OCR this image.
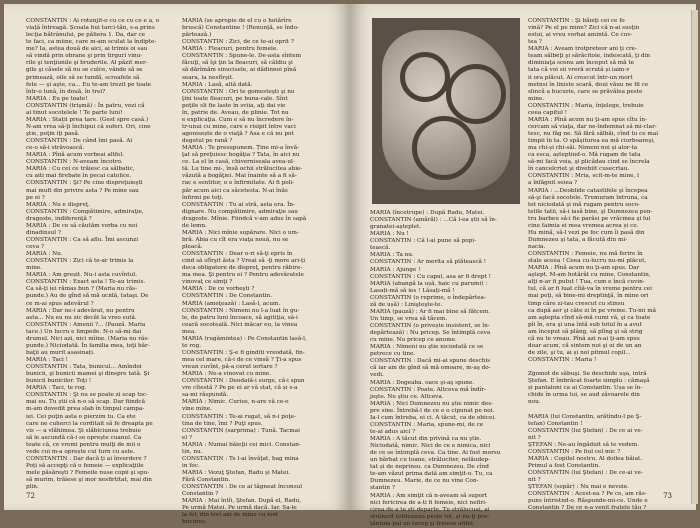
CONSTANTIN : Ai rotunjit-o cu ce cu ce e a, o
viaţă întreagă. Școala hui tarci-tăn, s-a prins
lecţia bătrânului, pe păliera 1. Da, dar ce
te faci, ca miine, care m-am sculat la îndipte-
me? Ia, astea două de aici, ai trimis oi sau
să vindă prin obrane şi prin tirguri vinu-
rile şi tenţiunile şi bruderile. Al păzit mer-
gile şi căsele să nu se culce, vânde să se
primează, oile să se tundă, scroafele să
fete — şi aşte, ca... Eu te-am trezit pe toate
într-o lună, în două, în trei?
MARIA : Eu pe toate!
CONSTANTIN (trişmă) : În patru, vezi că
ai tinut socotelele ! Te parte luni!
MARIA : Stații prea tare. (Gest spre casă.)
N-am vrea să-ţi închipui că suferi. Ori, cine
ştie, poţin iţi pasă.
CONSTANTIN : De când îmi pasă. Ai
ce-o să-i străvoască.
MARIA : Pînă acum vorbeai altfel.
CONSTANTIN : N-aveam încotro.
MARIA : Cu cei ce trăiesc ca sălbatic,
cu aiti mai firebate în pecai catolice.
CONSTANTIN : Şi? Pe cine dispreţuieşti
mai mult din privire asta ? Pe mine sau
pe ei ?
MARIA : Nu e dispreţ.
CONSTANTIN : Compătimire, admiraţie,
dragoste, indiferenţă ?
MARIA : De ce să căutăm vorba cu noi
dinadinsul ?
CONSTANTIN : Ca să aflu. Îmi ascunzi
ceva ?
MARIA : Nu.
CONSTANTIN : Zici că te-ar trimis la
mine.
MARIA : Am greșit. Nu-i asta cuvîntul.
CONSTANTIN : Exact asta ! Te-au trimis.
Ca să-ţi iei rămas bun ? (Maria nu răs-
punde.) Au de gînd să mă ucidă, tataşi. De
ce m-ai spus adevărul ?
MARIA : Dar ne-i adevărat, nu pentru
asta... Nu eu nu zic decât la vreo sută.
CONSTANTIN : Amenii ?... (Pauză. Maria
tace.) Un lucru e limpede. N-o să-mi dai
drumul. Nici azi, nici mîine. (Maria nu răs-
punde.) Niciodată. În familia mea, toţi băr-
baţii au murit asasinați.
MARIA : Taci !
CONSTANTIN : Tata, bunicul... Amîndoi
bunicii, şi bunicii mamei şi dinspre tată. Şi
bunicii bunicilor. Toţi !
MARIA : Taci, te rog.
CONSTANTIN : Şi nu se poate zi scap toc-
mai eu. Tu știi că n-o să scap. Dar fiindcă
m-am dovedit prea slab în timpul campa-
iei. Cei puţin asta o pierzim tu. Ca ete
care ne cuherci la corditait să fe dreapta pe
vis — a vlăhimea. Şi slăbiciunea trebuie
să le ascundă că-i se oprește cuanul. Ca
toate că, ce vremi pentru mulţi de mii o
vede cui m-a oprește cui turn cu aste.
CONSTANTIN : Dar dacă ţi ai înverdere ?
Poți să accepţi că o femeie — explicaţiile
mele păsăreşti ? Femeile nuse copii şi spu-
să murim, trăiese şi mor nesfirtitat, mai din
plin.
MARIA (se apropie de el cu o hotărîre
bruscă) Constantine ! (Renunţă, se îndo-
părtează.)
CONSTANTIN : Zici, de ce te-ai oprit ?
MARIA : Fleacuri, pentru femeie.
CONSTANTIN : Spune-le. De-asta sîntem
făcuţi, să îşi ţin la fleacuri, să căldiu şi
să dărîmăm sinucisele, ai dădinnoi pînă
seara, la nesfîrşit.
MARIA : Lasă, altă dată.
CONSTANTIN : Ori te gomesteşti şi nu
ţini toate fleacuri, pe buna-cale. Sînt
poţile sli fie laste în sviia, aţi dai vie
în, patrie de. Aveau, de plinie. Tot nu
e explicaţia. Cum e să nu încredere în-
tr-unui cu mine, care e risipit între vaci
agonisește de o viaţă ? Asa e că nu pot
degetul pe rană ?
MARIA : Te presupunem. Ține mi-a învă-
ţat să preţuiesc bogăţia ? Tata, în aici nu
ce. La el în casă, chiverniseala avea-ul-
tă. Lu tine mi-, însă ochii strălucitea abie-
văzută a bogăţiei. Mai înainte să a fi să-
rac e sentitor, o e înfirmitate. Ai fi poli-
păr acum aici ca sâcetesta. N-ai înăs
înfirmi pe toţi.
CONSTANTIN : Tu ai stră, asta era. În-
dignare. Nu compătimire, admiraţie sau
dragoste. Mînie. Fiindcă v-am adus în sapă
de lemn.
MARIA : Nici mînie supărare. Nici o um-
bră. Abia cu cît era viaţa nouă, nu se
pleacă.
CONSTANTIN : Dear o-ri să-ţi epris în
cind să sfîrşit ăsta ? Vreai să -ţi more ari-ţi
deca obligatore de dispreţ, pentru răbire-
ma mea. Şi pentru ei ? Pentru adevăratele
vinovaţ ce simţi ?
MARIA : De ce vorbeşti ?
CONSTANTIN : De Constantin.
MARIA (ameţează) : Lasă-l, acum.
CONSTANTIN : Nimeni nu l-a luat în gu-
le, de patru luni încoace, să agitiţia, să-i
ceară socoteală. Nici măcar eu, la vinea
mea.
MARIA (rugămintea) : Pe Constantin lasă-l,
te rog.
CONSTANTIN : Ş-e fi ginditi vreodată, fin-
mea cel mare, că-i de ce vinsă ? Ţi-a spus
vreun cuvînt, pă-a cerut iertare ?
MARIA : Ne-a vinovat cu mine.
CONSTANTIN : Deodată-i surge, că-i spun
vre cîtestă ? Pe pe ei ar vă stat, că și s-a
sa-mi răspundă.
MARIA : Nimic. Curios, n-are vă ce-o
vine mine.
CONSTANTIN : Te-ai rugat, să n-i poţe-
tina de tine, îmi ? Puţi spus.
CONSTANTIN (sarprima) : Tună. Tacmai
el ?
MARIA : Numai băieţii cei mici. Constan-
tin, nu.
CONSTANTIN : Te l-ai învăţat, bag mina
in foc.
MARIA : Vezuţ Ştefan, Radu şi Matei.
Fără Constantin.
CONSTANTIN : De ce ai tăgneat înconsul
Constantin ?
MARIA : Mai întîi, Ştefan. După el, Radu,
Pe urmă Matei. Pe urmă dacă. Iar. Sa-le
la fel, din trei ani de mine cu nod
bucuros.
72
MARIA (încetrupe) : După Radu, Matei.
CONSTANTIN (amărăl) : ...Că l-ea ştii să în-
granatei-aşteplet.
MARIA : Nu !
CONSTANTIN : Că l-ai pune să popi-
tească.
MARIA : Ta nu.
CONSTANTIN : Ar merita să plătească !
MARIA : Ajunge !
CONSTANTIN : Cu capul, asa ar fi drept !
MARIA (abangă la ușă, haic cu parumi) :
Lasați-mă să ies ! Lăsați-mă !
CONSTANTIN (o reprime, o îndepărtea-
ză de ușă) : Linişteşte-te.
MARIA (pauză) : Ar fi mai bine să fătcem.
Un timp, se vrea să tăcem.
CONSTANTIN (o privește insistent, se în-
depărtează) : Nu pricep. Se întimplă ceva
cu mine. Nu pricep ce anume.
MARIA : Nimeni nu ştie niciodată ce se
petrece cu tine.
CONSTANTIN : Dacă mi-ai spune deschis
că iar am de gînd să mă omoare, m-aş do-
vedi.
MARIA : Dogeaba. oace şi-aş spune.
CONSTANTIN : Poate. Altceva mă îndîr-
jeşte. Nu ştiu ce. Altceva.
MARIA : Nici Dumnezeu nu ştie nimic des-
pre sine. Întrebă-l de ce e o cipunat pe noi.
Ia-l cum întreba, ei ci. A tăcut, ca de obicei.
CONSTANTIN : Maria, spune-mi, de ce
te-ai adus aici ?
MARIA : A tăcut din privină ca nu ştie.
Niciodată, nimic. Nici de ce e nimica, nici
de ce se întimplă ceva. Ca tine. Ai fost morsu
un bărbat cu toane, străluciter, nelăudep-
tat și de neprinsu. ca Dumnezeu. De cînd
te-am văzut prima dată am simţit-o. Tu, ca
Dumnezeu. Marie, de ce nu vine Con-
stantin ?
MARIA : Am simţit că n-aveam să suport
nici fericirea de a-ti fi femeie, nici nefiri-
cirea de a te ști departe. Tu strălucuai, ai
strălucit totdeauna peste tot, și nu-ţi pre-
ţăntuia pai un tocep şi treiese altfel.
CONSTANTIN : Şi băieţi cei ce fo
vină? Pe el pe mine? Zici că n-ai susţin
estui, ai vreu vorbai amintă. Ce cuv-
tea ?
MARIA : Aveam trotpreteor ani ţi cre-
team sălbeţi şi sărăcitoie, indescată, ţi din
diminiaţa scenu am început să mă te
tata că voi sii vreră scrută și iaim-v
ii ora plăcut. Ai crescut într-un mort
metnsi în liniste scară, doui văuu ne fil ce
slincă a bucurie, care se prăvălea peste
mine.
CONSTANTIN : Maria, înţelege, trebuie
ceea capitul !
MARIA : Pînă acum nu ţi-am spus cîtu în-
cercam să viaţa, dar ne-îndemnat să mi-clar-
tesc, nu făg ne. Să fără sălbăi, cînd tu ce mai
timpii în ta. O spăşiturea ea mă ciorboareşi,
ma chi-și chi-săi. Nimeni noi și alor-ta
ca esca, așteptind-o. Mă rugam de tata
să-mi facă voia, şi plicădau cind se încrela
în cancelcriet şi divebiit cusecrtau.
CONSTANTIN : Mria, scit-m-te mine, l
a înfăgnit seiea ?
MARIA : ...Deoblide catastifele şi începea
să-şi facă socotele. Tremuram întruna, ca
tot niciodată şi mă rugam pentru soco-
telile tatii, să-i iasă bine, şi Dumnezeu pen-
tru barbeu să-i fie parăsi pe vrăcmea şi lui
cine faimia ei mea vremea acrea și ce.
Hu mină, să-l vezi pe foc cum îi pasă din
Dumnezeu şi tata, a făcută din mi-
nacia.
CONSTANTIN : Femeie, nu mă ferire în
stale aceea ! Ceea cu-lucru nu-mi plăcut,
MARIA : Pînă acum nu ţi-am spus. Dar
aştept. M-am hotărât cu mine, Constantin,
alţi n-ar fi putut ! Tua, cum e încă cuvin-
tul, că ar fi luat cîtă-va în vreme pentru cei
mai poţi, să bine-mi dreptinţă, în mine ori
timp câre zi-tau crescut cu stinsu
ca după aer şi câte zi în pe vreme. Tu-mi mă
am aştepta cînd să-mă cumi vă, şi ca toate
pîi în, era şi una întă sub totul în a avut
am început să plâng, să plîng şi să strig
că nu te vreau. Pînă azi n-ai ţi-am spus
doar acum, că sintem noi şi ui de un an
de zile, şi tu, ai și noi pitmul copil...
CONSTANTIN : Maria !

Zgomot de săbuşi. Se deschide uşa, intră
Ştefan. E îmbrăcat foarte simplu : cămaşă
și pantaloni ca ai Constantin. Ușa se în-
chide în urma lui, se aud zăvoarele din
nou.

MARIA (lui Constantin, arătîndu-l pe Ş-
tefan) Constantin !
CONSTANTIN (lui Ştefan) : De ce ai ve-
nit ?
ŞTEFAN : Ne-au îngăduit să te vedem.
CONSTANTIN : Pe fiul cel mic ?
MARIA : Copilul nostru. Al doilea băiat.
Primul a fost Constantin.
CONSTANTIN (lui Ştefan) : De ce-ai ve-
nit ?
ŞTEFAN (sepăr) : Nu mai e nevoie.
CONSTANTIN : Acest-ea ? Pe ce, am răs-
puns întristnd-o. Răspunde-mi-ce. Unde e
Constantin ? De ce n-a venit fratele tău ?
73
